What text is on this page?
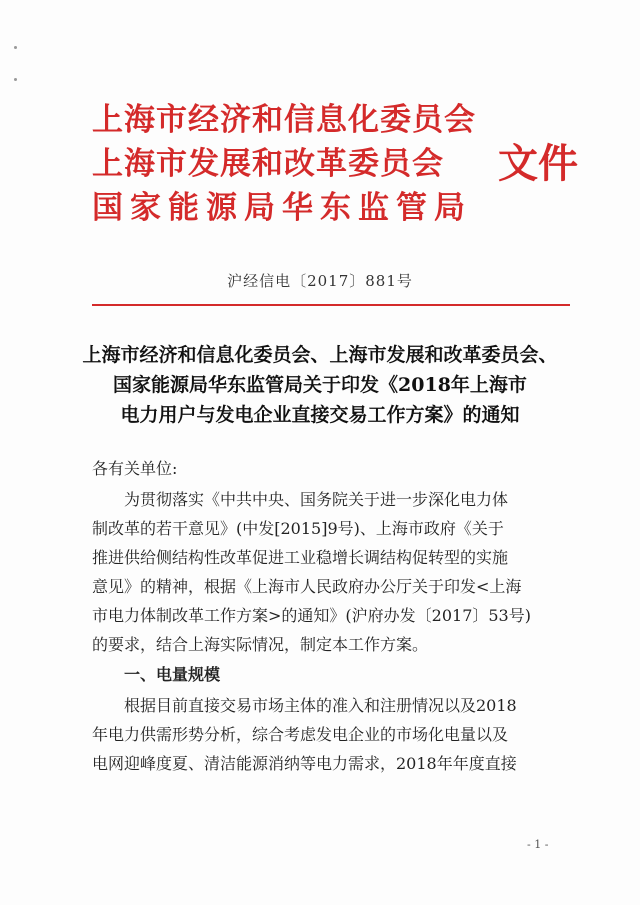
上海市经济和信息化委员会
上海市发展和改革委员会
国家能源局华东监管局
文件
沪经信电〔2017〕881号
上海市经济和信息化委员会、上海市发展和改革委员会、
国家能源局华东监管局关于印发《2018年上海市
电力用户与发电企业直接交易工作方案》的通知
各有关单位:
为贯彻落实《中共中央、国务院关于进一步深化电力体
制改革的若干意见》(中发[2015]9号)、上海市政府《关于
推进供给侧结构性改革促进工业稳增长调结构促转型的实施
意见》的精神，根据《上海市人民政府办公厅关于印发<上海
市电力体制改革工作方案>的通知》(沪府办发〔2017〕53号)
的要求，结合上海实际情况，制定本工作方案。
一、电量规模
根据目前直接交易市场主体的准入和注册情况以及2018
年电力供需形势分析，综合考虑发电企业的市场化电量以及
电网迎峰度夏、清洁能源消纳等电力需求，2018年年度直接
- 1 -
